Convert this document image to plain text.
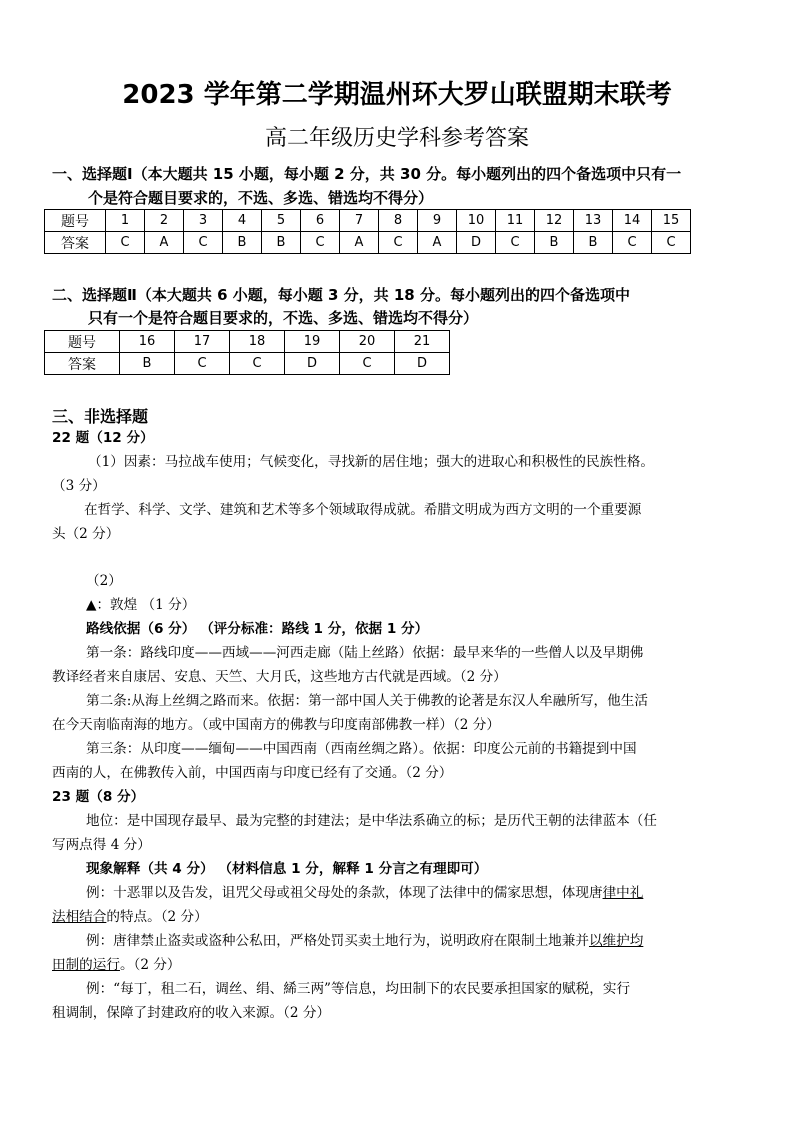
2023 学年第二学期温州环大罗山联盟期末联考
高二年级历史学科参考答案
一、选择题Ⅰ（本大题共 15 小题，每小题 2 分，共 30 分。每小题列出的四个备选项中只有一
个是符合题目要求的，不选、多选、错选均不得分）
题号	1	2	3	4	5	6	7	8	9	10	11	12	13	14	15
答案	C	A	C	B	B	C	A	C	A	D	C	B	B	C	C
二、选择题Ⅱ（本大题共 6 小题，每小题 3 分，共 18 分。每小题列出的四个备选项中
只有一个是符合题目要求的，不选、多选、错选均不得分）
题号	16	17	18	19	20	21
答案	B	C	C	D	C	D
三、非选择题
22 题（12 分）
（1）因素：马拉战车使用；气候变化，寻找新的居住地；强大的进取心和积极性的民族性格。
（3 分）
在哲学、科学、文学、建筑和艺术等多个领域取得成就。希腊文明成为西方文明的一个重要源
头（2 分）
（2）
▲：敦煌 （1 分）
路线依据（6 分） （评分标准：路线 1 分，依据 1 分）
第一条：路线印度——西域——河西走廊（陆上丝路）依据：最早来华的一些僧人以及早期佛
教译经者来自康居、安息、天竺、大月氏，这些地方古代就是西域。（2 分）
第二条:从海上丝绸之路而来。依据：第一部中国人关于佛教的论著是东汉人牟融所写，他生活
在今天南临南海的地方。（或中国南方的佛教与印度南部佛教一样）（2 分）
第三条：从印度——缅甸——中国西南（西南丝绸之路）。依据：印度公元前的书籍提到中国
西南的人，在佛教传入前，中国西南与印度已经有了交通。（2 分）
23 题（8 分）
地位：是中国现存最早、最为完整的封建法；是中华法系确立的标；是历代王朝的法律蓝本（任
写两点得 4 分）
现象解释（共 4 分） （材料信息 1 分，解释 1 分言之有理即可）
例：十恶罪以及告发，诅咒父母或祖父母处的条款，体现了法律中的儒家思想，体现唐律中礼
法相结合的特点。（2 分）
例：唐律禁止盗卖或盗种公私田，严格处罚买卖土地行为，说明政府在限制土地兼并以维护均
田制的运行。（2 分）
例：“每丁，租二石，调丝、绢、絺三两”等信息，均田制下的农民要承担国家的赋税，实行
租调制，保障了封建政府的收入来源。（2 分）
